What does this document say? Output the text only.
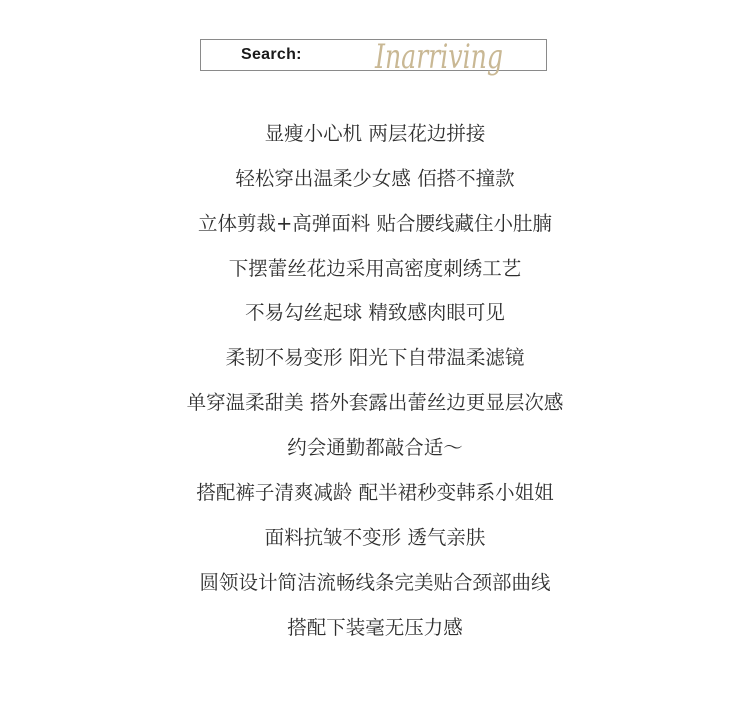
Search: Inarriving
显瘦小心机 两层花边拼接
轻松穿出温柔少女感 佰搭不撞款
立体剪裁+高弹面料 贴合腰线藏住小肚腩
下摆蕾丝花边采用高密度刺绣工艺
不易勾丝起球 精致感肉眼可见
柔韧不易变形 阳光下自带温柔滤镜
单穿温柔甜美 搭外套露出蕾丝边更显层次感
约会通勤都敲合适～
搭配裤子清爽减龄 配半裙秒变韩系小姐姐
面料抗皱不变形 透气亲肤
圆领设计简洁流畅线条完美贴合颈部曲线
搭配下装毫无压力感
